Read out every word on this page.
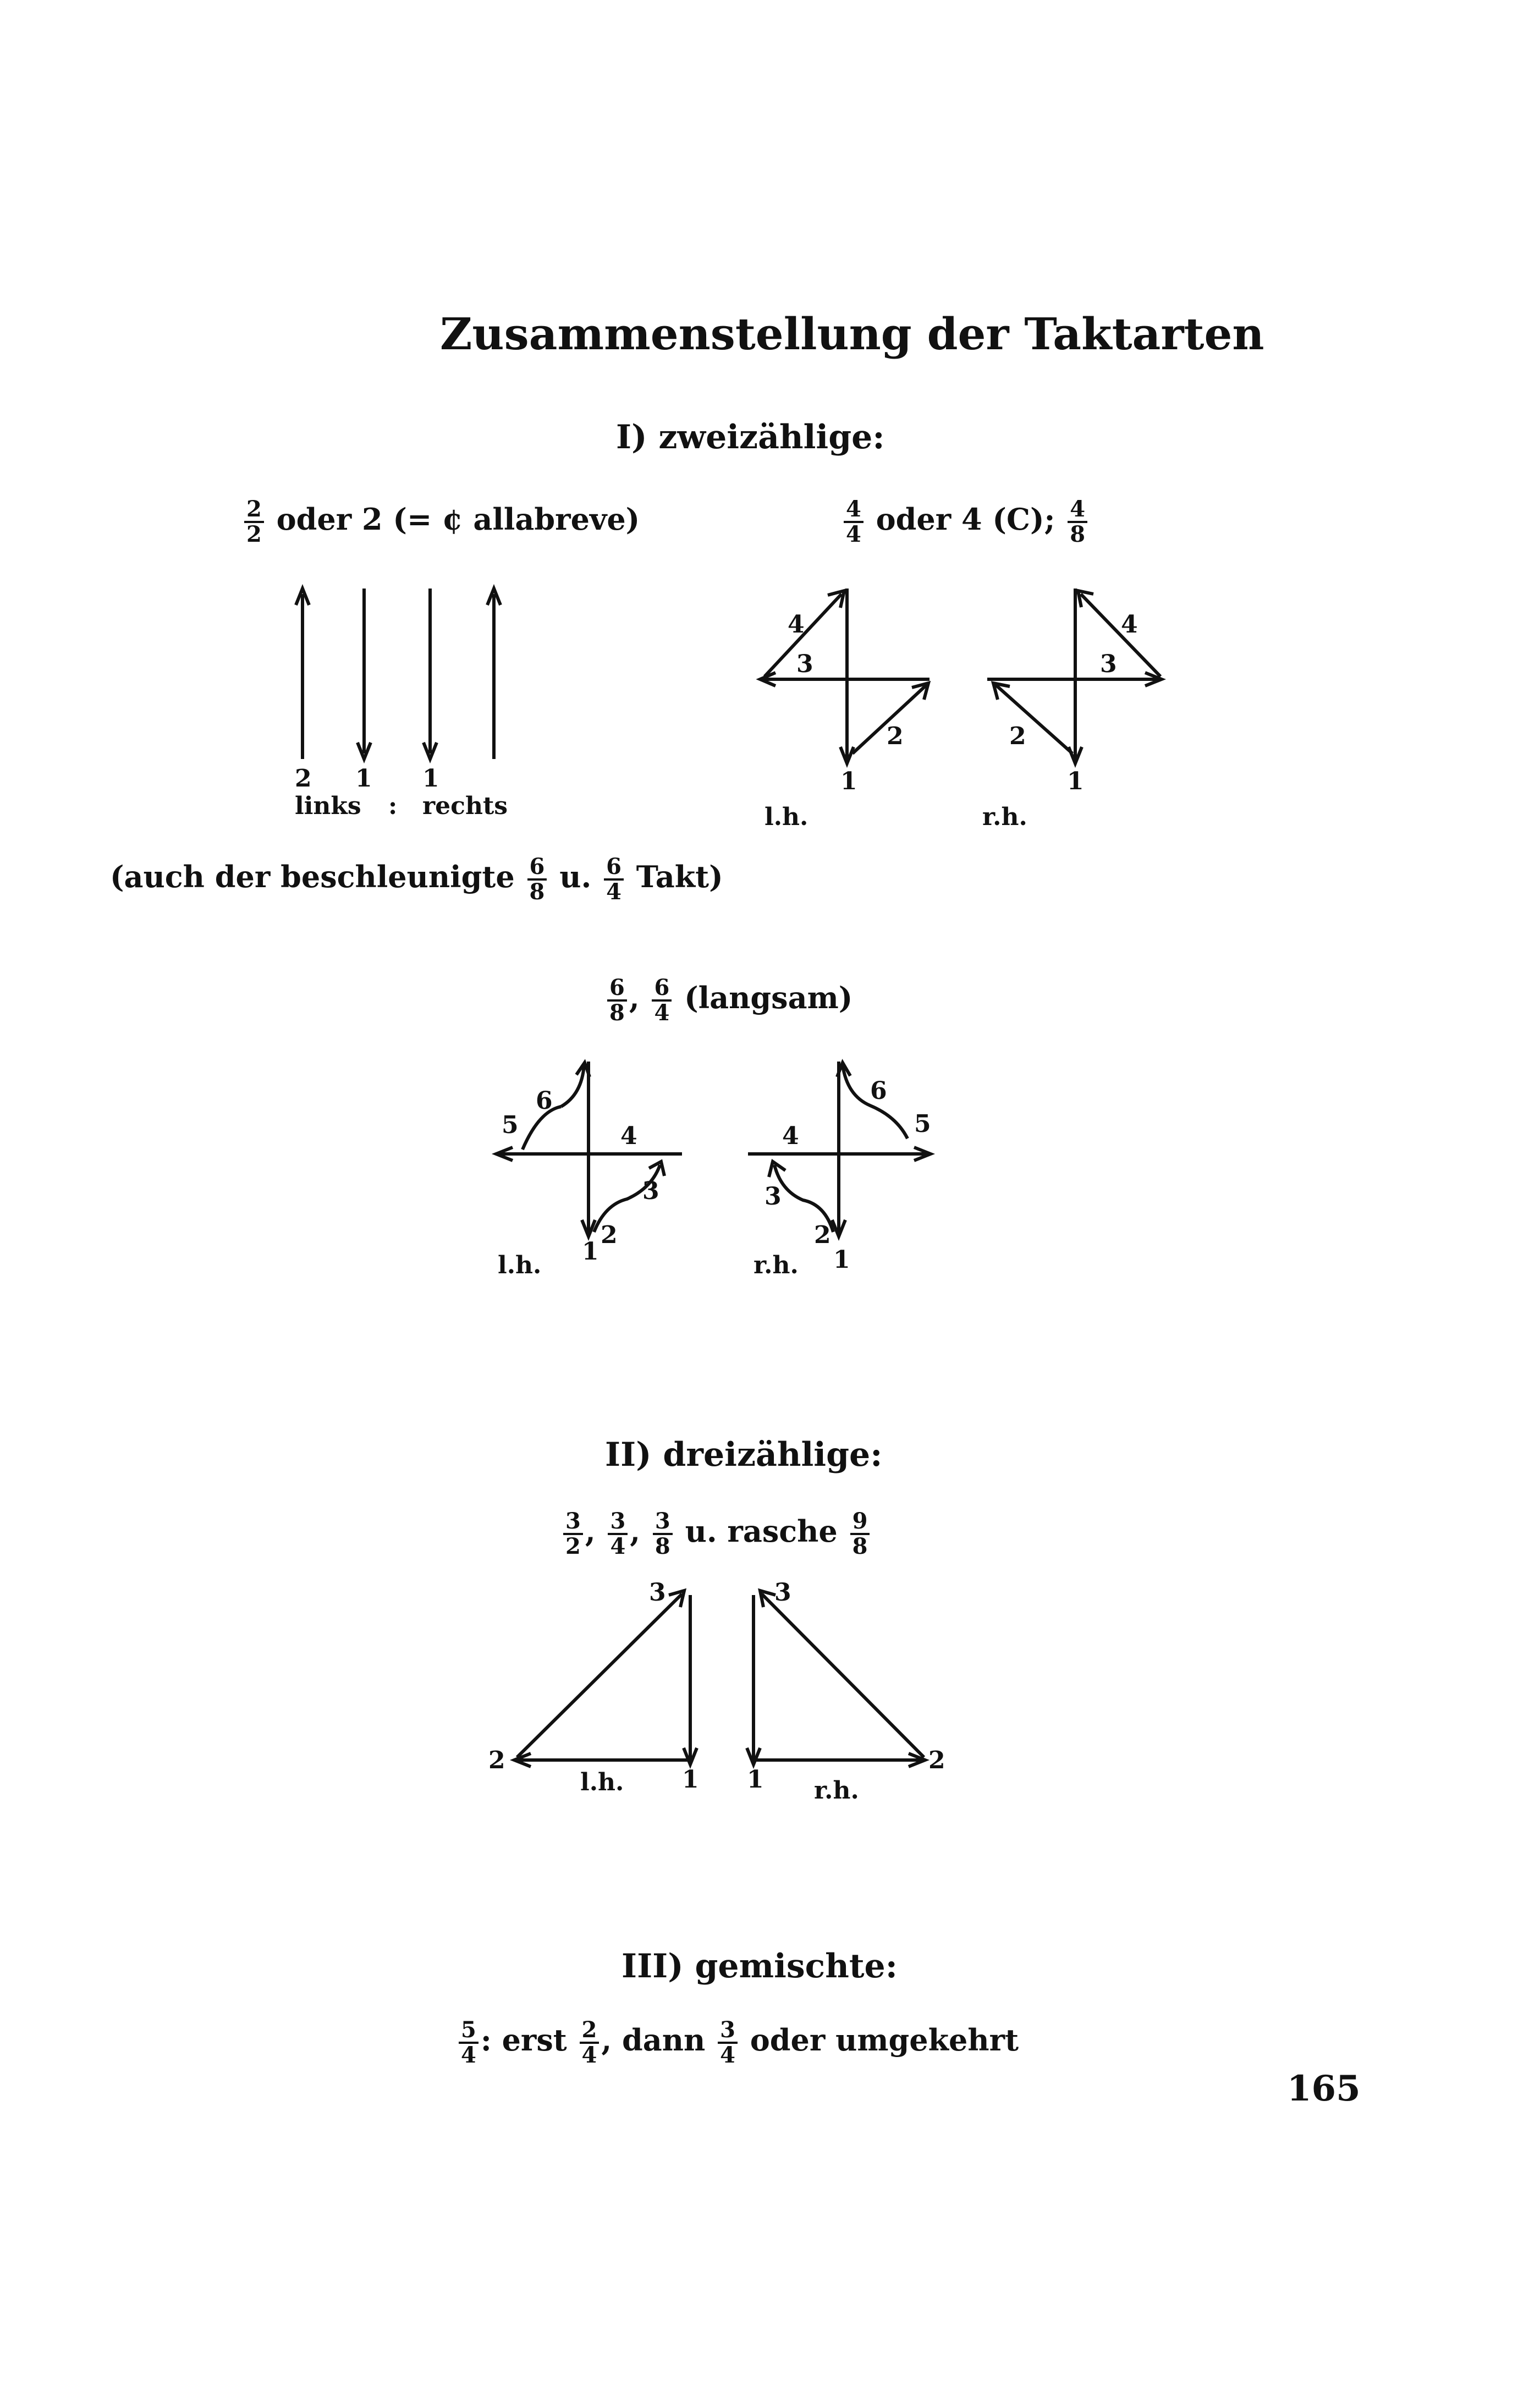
Zusammenstellung der Taktarten
I) zweizählige:
$\frac{2}{2}$ oder 2 (= ¢ allabreve)
2 1 1
links : rechts
(auch der beschleunigte $\frac{6}{8} u$. $\frac{6}{4}$ Takt)
$\frac{4}{4}$ oder 4 (C); $\frac{4}{8}$
4
3
2
1
l.h.
4
3
2
1
r.h.
$\frac{6}{8}$ , $\frac{6}{4}$ (langsam)
5
6
4
3
2
1
l.h.
6
5
4
3
2
1
r.h.
II) dreizählige:
$\frac{3}{2}$ , $\frac{3}{4}$ , $\frac{3}{8} u$. rasche $\frac{9}{8}$
2
3
1
l.h.
2
3
1 r.h.
III) gemischte:
$\frac{5}{4}$ : erst $\frac{2}{4}$ , dann $\frac{3}{4}$ oder umgekehrt
165
